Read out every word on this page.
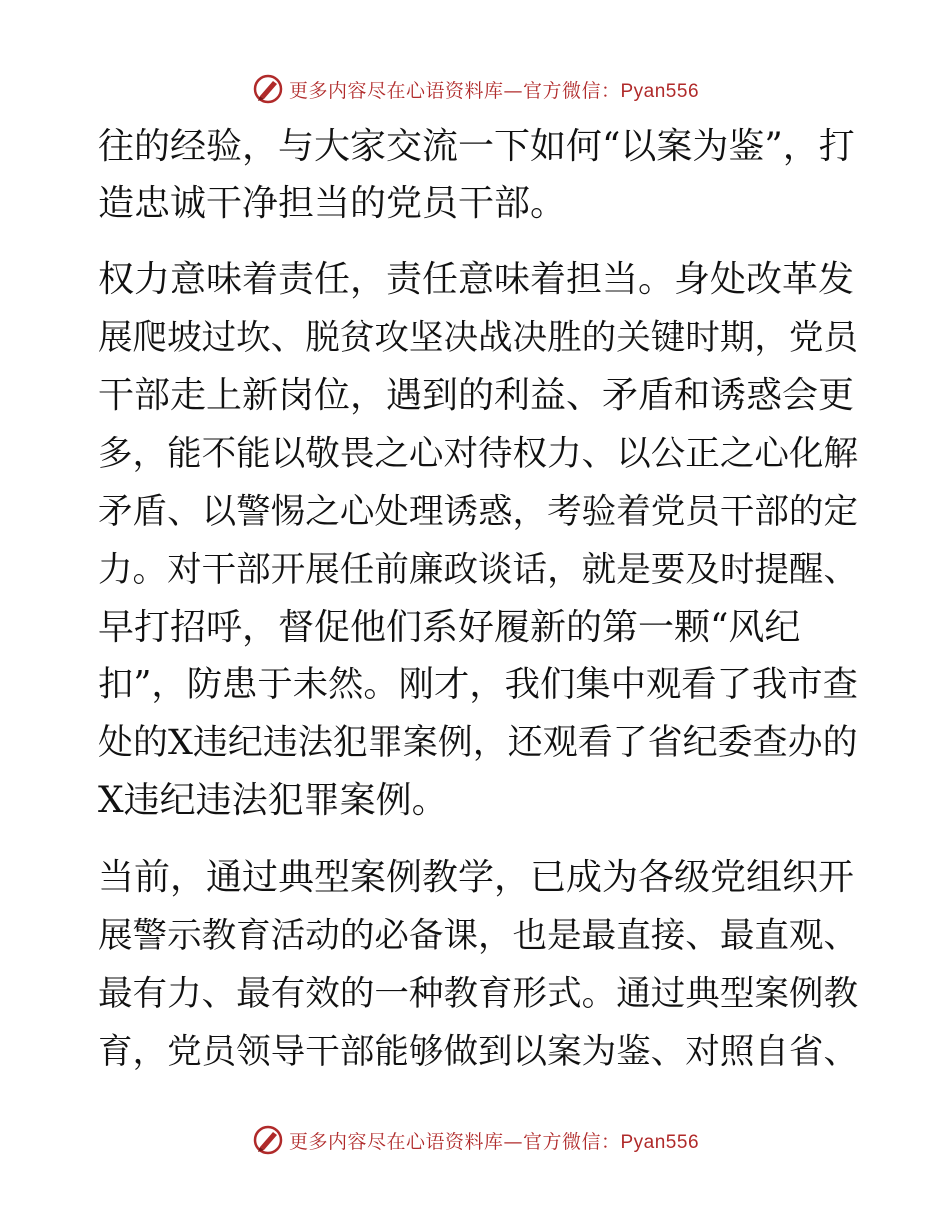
更多内容尽在心语资料库—官方微信：Pyan556
往的经验，与大家交流一下如何“以案为鉴”，打
造忠诚干净担当的党员干部。
权力意味着责任，责任意味着担当。身处改革发
展爬坡过坎、脱贫攻坚决战决胜的关键时期，党员
干部走上新岗位，遇到的利益、矛盾和诱惑会更
多，能不能以敬畏之心对待权力、以公正之心化解
矛盾、以警惕之心处理诱惑，考验着党员干部的定
力。对干部开展任前廉政谈话，就是要及时提醒、
早打招呼，督促他们系好履新的第一颗“风纪
扣”，防患于未然。刚才，我们集中观看了我市查
处的X违纪违法犯罪案例，还观看了省纪委查办的
X违纪违法犯罪案例。
当前，通过典型案例教学，已成为各级党组织开
展警示教育活动的必备课，也是最直接、最直观、
最有力、最有效的一种教育形式。通过典型案例教
育，党员领导干部能够做到以案为鉴、对照自省、
更多内容尽在心语资料库—官方微信：Pyan556
